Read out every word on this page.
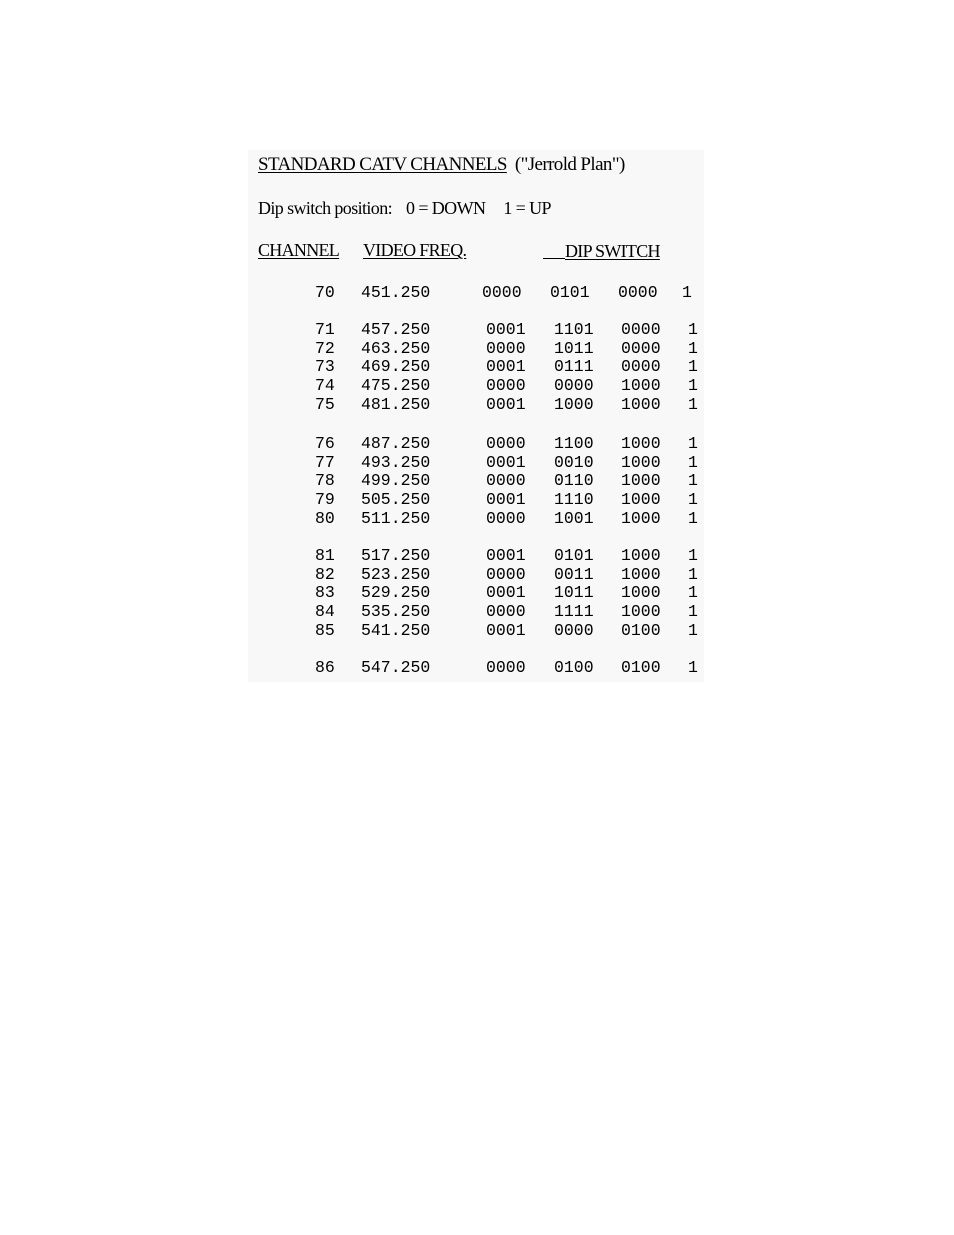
STANDARD CATV CHANNELS ("Jerrold Plan")
Dip switch position: 0 = DOWN 1 = UP
CHANNEL VIDEO FREQ.	DIP SWITCH
70 451.250	0000 0101 0000 1
71 457.250	0001 1101 0000 1
72 463.250	0000 1011 0000 1
73 469.250	0001 0111 0000 1
74 475.250	0000 0000 1000 1
75 481.250	0001 1000 1000 1
76 487.250	0000 1100 1000 1
77 493.250	0001 0010 1000 1
78 499.250	0000 0110 1000 1
79 505.250	0001 1110 1000 1
80 511.250	0000 1001 1000 1
81 517.250	0001 0101 1000 1
82 523.250	0000 0011 1000 1
83 529.250	0001 1011 1000 1
84 535.250	0000 1111 1000 1
85 541.250	0001 0000 0100 1
86 547.250	0000 0100 0100 1
